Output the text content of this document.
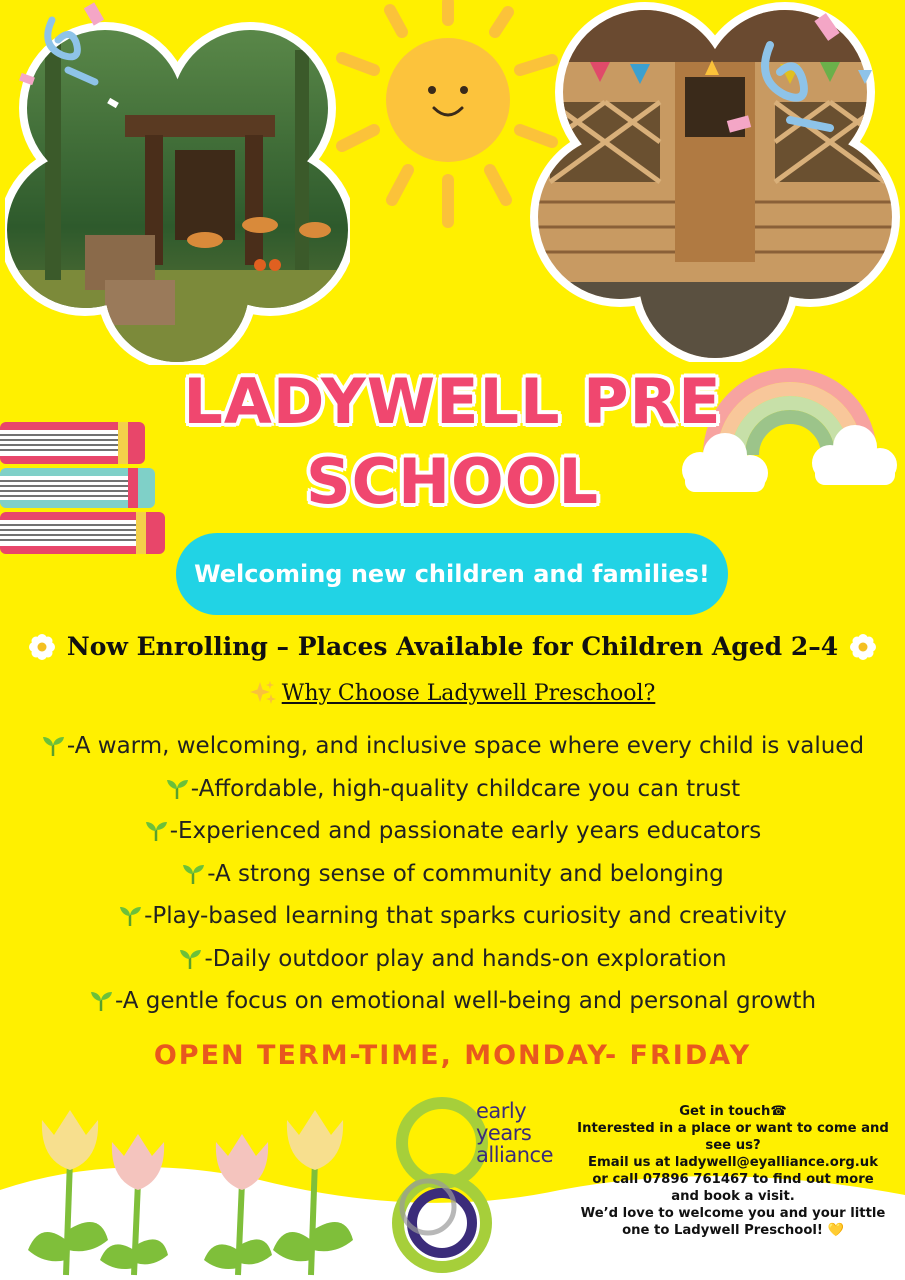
LADYWELL PRE
SCHOOL
Welcoming new children and families!
Now Enrolling – Places Available for Children Aged 2–4
Why Choose Ladywell Preschool?
-A warm, welcoming, and inclusive space where every child is valued
-Affordable, high-quality childcare you can trust
-Experienced and passionate early years educators
-A strong sense of community and belonging
-Play-based learning that sparks curiosity and creativity
-Daily outdoor play and hands-on exploration
-A gentle focus on emotional well-being and personal growth
OPEN TERM-TIME, MONDAY- FRIDAY
early
years
alliance
Get in touch☎
Interested in a place or want to come and
see us?
Email us at ladywell@eyalliance.org.uk
or call 07896 761467 to find out more
and book a visit.
We’d love to welcome you and your little
one to Ladywell Preschool! 💛
